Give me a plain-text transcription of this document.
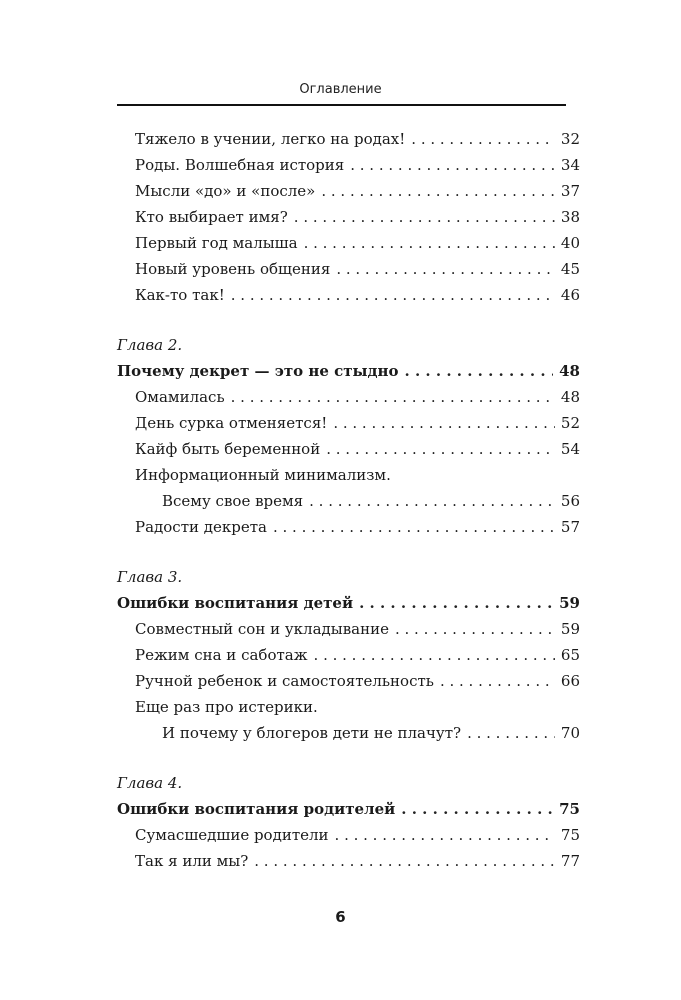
Оглавление
Тяжело в учении, легко на родах! . . .	32
Роды. Волшебная история . . .	34
Мысли «до» и «после» . . .	37
Кто выбирает имя? . . .	38
Первый год малыша . . .	40
Новый уровень общения . . .	45
Как-то так! . . .	46
Глава 2.
Почему декрет — это не стыдно . . .	48
Омамилась . . .	48
День сурка отменяется! . . .	52
Кайф быть беременной . . .	54
Информационный минимализм.
Всему свое время . . .	56
Радости декрета . . .	57
Глава 3.
Ошибки воспитания детей . . .	59
Совместный сон и укладывание . . .	59
Режим сна и саботаж . . .	65
Ручной ребенок и самостоятельность . . .	66
Еще раз про истерики.
И почему у блогеров дети не плачут? . . .	70
Глава 4.
Ошибки воспитания родителей . . .	75
Сумасшедшие родители . . .	75
Так я или мы? . . .	77
6
